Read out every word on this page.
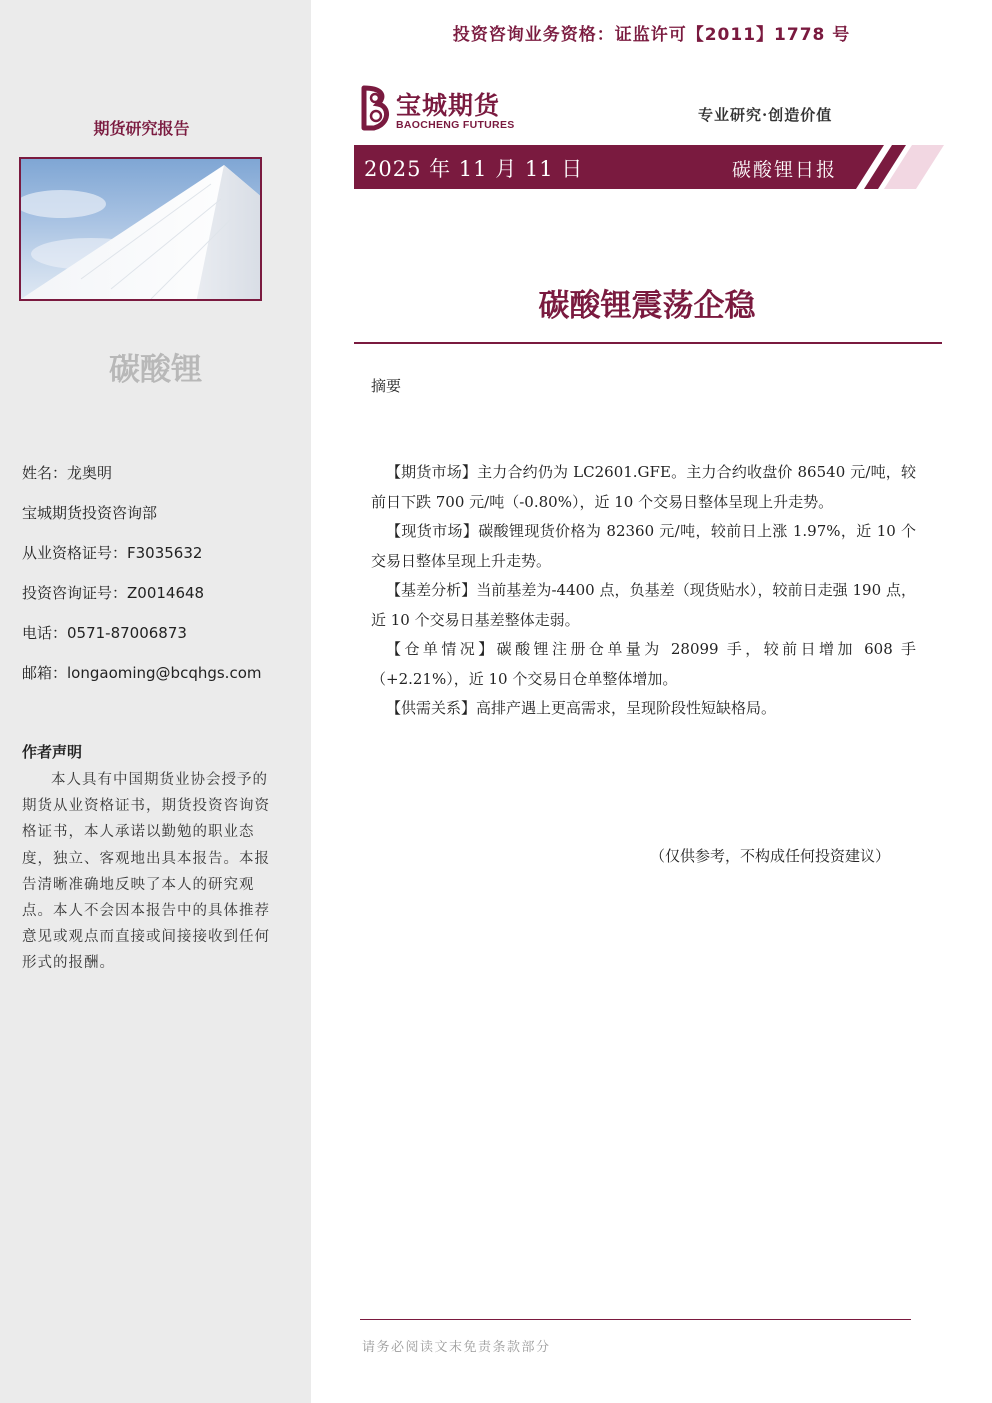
期货研究报告
碳酸锂
姓名：龙奥明
宝城期货投资咨询部
从业资格证号：F3035632
投资咨询证号：Z0014648
电话：0571-87006873
邮箱：longaoming@bcqhgs.com
作者声明
本人具有中国期货业协会授予的期货从业资格证书，期货投资咨询资格证书，本人承诺以勤勉的职业态度，独立、客观地出具本报告。本报告清晰准确地反映了本人的研究观点。本人不会因本报告中的具体推荐意见或观点而直接或间接接收到任何形式的报酬。
投资咨询业务资格：证监许可【2011】1778 号
宝城期货
BAOCHENG FUTURES
专业研究·创造价值
2025 年 11 月 11 日	碳酸锂日报
碳酸锂震荡企稳
摘要

【期货市场】主力合约仍为 LC2601.GFE。主力合约收盘价 86540 元/吨，较前日下跌 700 元/吨（-0.80%），近 10 个交易日整体呈现上升走势。

【现货市场】碳酸锂现货价格为 82360 元/吨，较前日上涨 1.97%，近 10 个交易日整体呈现上升走势。

【基差分析】当前基差为-4400 点，负基差（现货贴水），较前日走强 190 点，近 10 个交易日基差整体走弱。

【仓单情况】碳酸锂注册仓单量为 28099 手，较前日增加 608 手（+2.21%），近 10 个交易日仓单整体增加。

【供需关系】高排产遇上更高需求，呈现阶段性短缺格局。

（仅供参考，不构成任何投资建议）
请务必阅读文末免责条款部分
